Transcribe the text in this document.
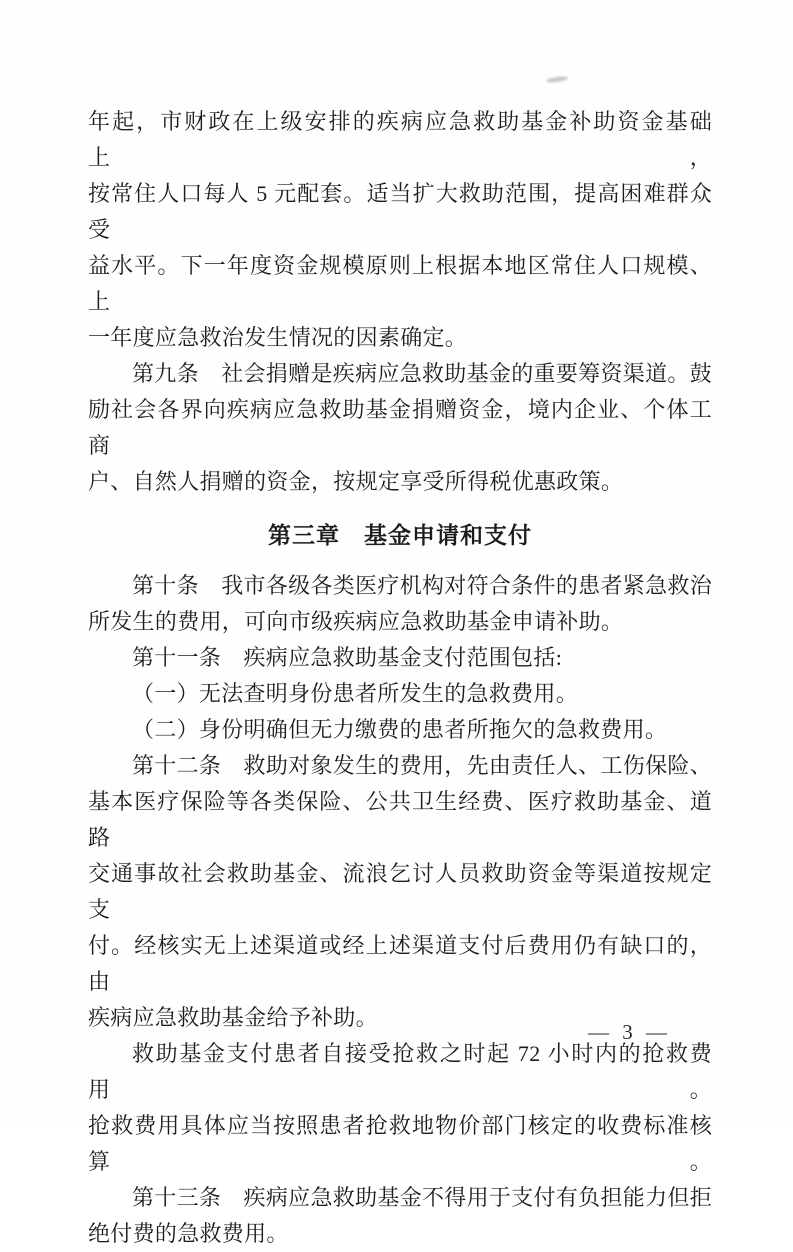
年起，市财政在上级安排的疾病应急救助基金补助资金基础上，
按常住人口每人 5 元配套。适当扩大救助范围，提高困难群众受
益水平。下一年度资金规模原则上根据本地区常住人口规模、上
一年度应急救治发生情况的因素确定。
第九条　社会捐赠是疾病应急救助基金的重要筹资渠道。鼓
励社会各界向疾病应急救助基金捐赠资金，境内企业、个体工商
户、自然人捐赠的资金，按规定享受所得税优惠政策。
第三章　基金申请和支付
第十条　我市各级各类医疗机构对符合条件的患者紧急救治
所发生的费用，可向市级疾病应急救助基金申请补助。
第十一条　疾病应急救助基金支付范围包括:
（一）无法查明身份患者所发生的急救费用。
（二）身份明确但无力缴费的患者所拖欠的急救费用。
第十二条　救助对象发生的费用，先由责任人、工伤保险、
基本医疗保险等各类保险、公共卫生经费、医疗救助基金、道路
交通事故社会救助基金、流浪乞讨人员救助资金等渠道按规定支
付。经核实无上述渠道或经上述渠道支付后费用仍有缺口的，由
疾病应急救助基金给予补助。
救助基金支付患者自接受抢救之时起 72 小时内的抢救费用。
抢救费用具体应当按照患者抢救地物价部门核定的收费标准核算。
第十三条　疾病应急救助基金不得用于支付有负担能力但拒
绝付费的急救费用。
— 3 —
